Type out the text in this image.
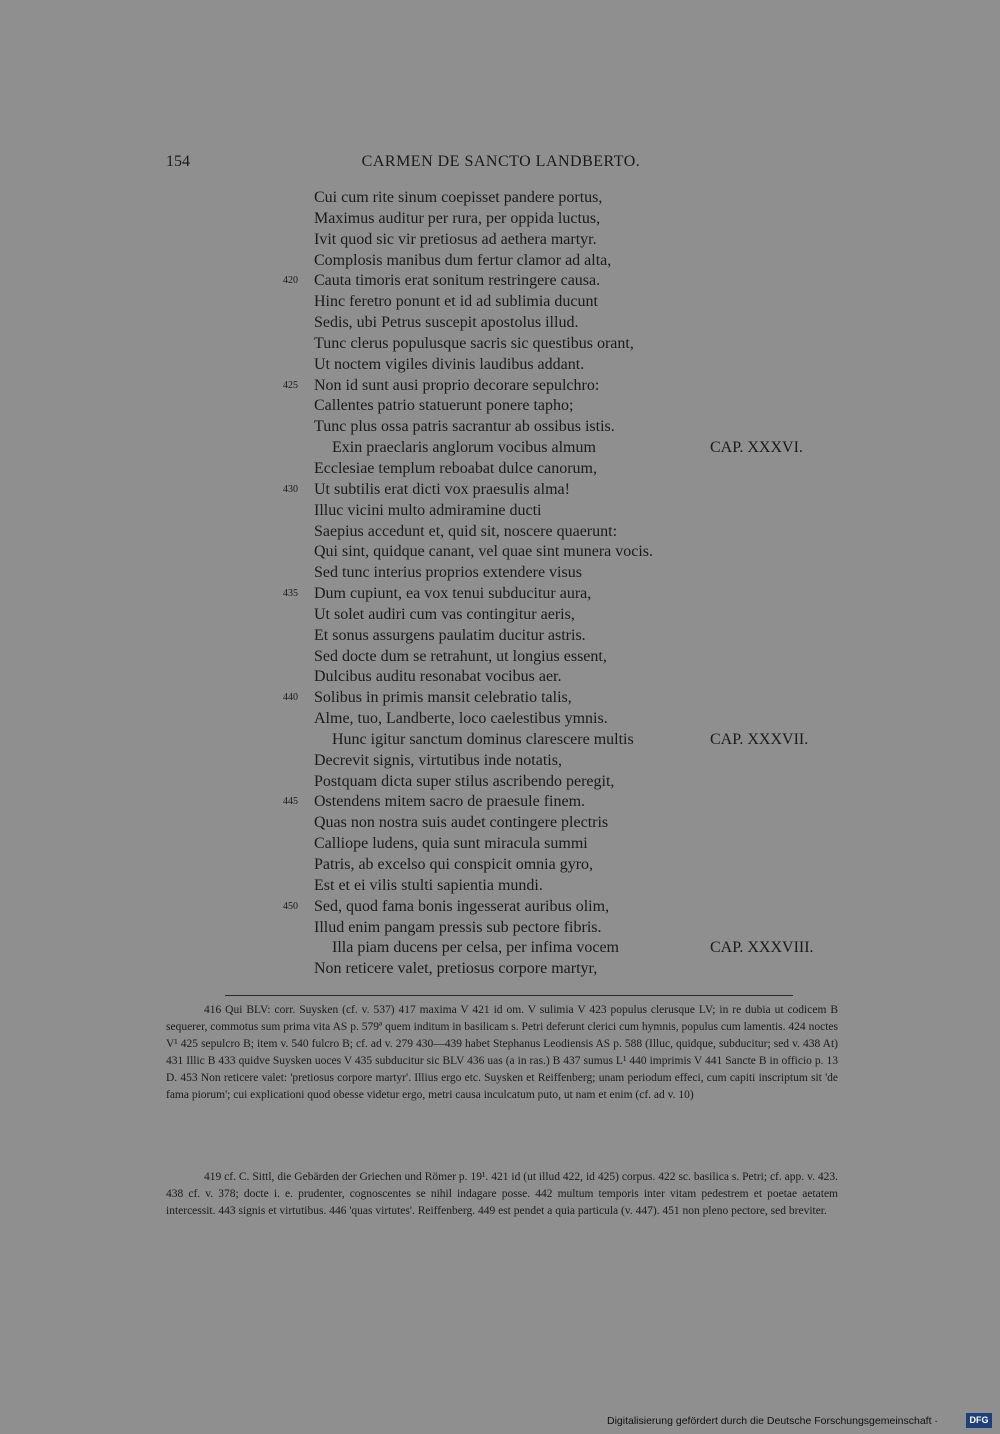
154	CARMEN DE SANCTO LANDBERTO.
Cui cum rite sinum coepisset pandere portus,
Maximus auditur per rura, per oppida luctus,
Ivit quod sic vir pretiosus ad aethera martyr.
Complosis manibus dum fertur clamor ad alta,
420 Cauta timoris erat sonitum restringere causa.
Hinc feretro ponunt et id ad sublimia ducunt
Sedis, ubi Petrus suscepit apostolus illud.
Tunc clerus populusque sacris sic questibus orant,
Ut noctem vigiles divinis laudibus addant.
425 Non id sunt ausi proprio decorare sepulchro:
Callentes patrio statuerunt ponere tapho;
Tunc plus ossa patris sacrantur ab ossibus istis.
Exin praeclaris anglorum vocibus almum	CAP. XXXVI.
Ecclesiae templum reboabat dulce canorum,
430 Ut subtilis erat dicti vox praesulis alma!
Illuc vicini multo admiramine ducti
Saepius accedunt et, quid sit, noscere quaerunt:
Qui sint, quidque canant, vel quae sint munera vocis.
Sed tunc interius proprios extendere visus
435 Dum cupiunt, ea vox tenui subducitur aura,
Ut solet audiri cum vas contingitur aeris,
Et sonus assurgens paulatim ducitur astris.
Sed docte dum se retrahunt, ut longius essent,
Dulcibus auditu resonabat vocibus aer.
440 Solibus in primis mansit celebratio talis,
Alme, tuo, Landberte, loco caelestibus ymnis.
Hunc igitur sanctum dominus clarescere multis	CAP. XXXVII.
Decrevit signis, virtutibus inde notatis,
Postquam dicta super stilus ascribendo peregit,
445 Ostendens mitem sacro de praesule finem.
Quas non nostra suis audet contingere plectris
Calliope ludens, quia sunt miracula summi
Patris, ab excelso qui conspicit omnia gyro,
Est et ei vilis stulti sapientia mundi.
450 Sed, quod fama bonis ingesserat auribus olim,
Illud enim pangam pressis sub pectore fibris.
Illa piam ducens per celsa, per infima vocem	CAP. XXXVIII.
Non reticere valet, pretiosus corpore martyr,

416 Qui BLV: corr. Suysken (cf. v. 537) 417 maxima V 421 id om. V sulimia V 423 populus clerusque LV; in re dubia ut codicem B sequerer, commotus sum prima vita AS p. 579ª quem inditum in basilicam s. Petri deferunt clerici cum hymnis, populus cum lamentis. 424 noctes V¹ 425 sepulcro B; item v. 540 fulcro B; cf. ad v. 279 430—439 habet Stephanus Leodiensis AS p. 588 (Illuc, quidque, subducitur; sed v. 438 At) 431 Illic B 433 quidve Suysken uoces V 435 subducitur sic BLV 436 uas (a in ras.) B 437 sumus L¹ 440 imprimis V 441 Sancte B in officio p. 13 D. 453 Non reticere valet: 'pretiosus corpore martyr'. Illius ergo etc. Suysken et Reiffenberg; unam periodum effeci, cum capiti inscriptum sit 'de fama piorum'; cui explicationi quod obesse videtur ergo, metri causa inculcatum puto, ut nam et enim (cf. ad v. 10)

419 cf. C. Sittl, die Gebärden der Griechen und Römer p. 19¹. 421 id (ut illud 422, id 425) corpus. 422 sc. basilica s. Petri; cf. app. v. 423. 438 cf. v. 378; docte i. e. prudenter, cognoscentes se nihil indagare posse. 442 multum temporis inter vitam pedestrem et poetae aetatem intercessit. 443 signis et virtutibus. 446 'quas virtutes'. Reiffenberg. 449 est pendet a quia particula (v. 447). 451 non pleno pectore, sed breviter.

Digitalisierung gefördert durch die Deutsche Forschungsgemeinschaft ·	DFG
